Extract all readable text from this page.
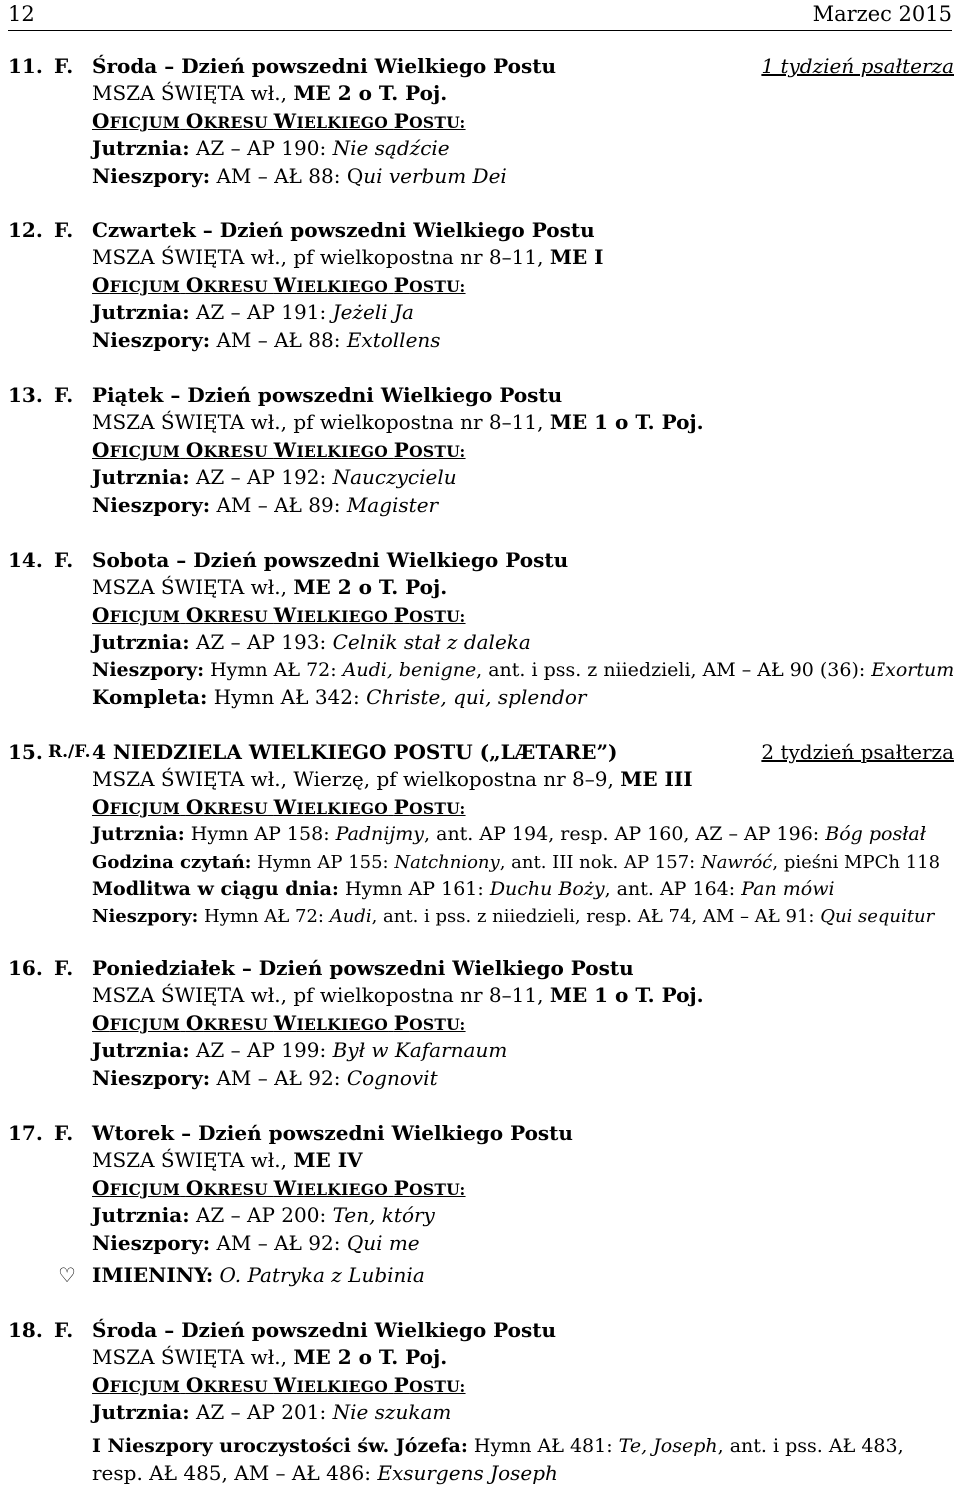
12	Marzec 2015
11. F. Środa – Dzień powszedni Wielkiego Postu	1 tydzień psałterza
MSZA ŚWIĘTA wł., ME 2 o T. Poj.
OFICJUM OKRESU WIELKIEGO POSTU:
Jutrznia: AZ – AP 190: Nie sądźcie
Nieszpory: AM – AŁ 88: Qui verbum Dei
12. F. Czwartek – Dzień powszedni Wielkiego Postu
MSZA ŚWIĘTA wł., pf wielkopostna nr 8–11, ME I
OFICJUM OKRESU WIELKIEGO POSTU:
Jutrznia: AZ – AP 191: Jeżeli Ja
Nieszpory: AM – AŁ 88: Extollens
13. F. Piątek – Dzień powszedni Wielkiego Postu
MSZA ŚWIĘTA wł., pf wielkopostna nr 8–11, ME 1 o T. Poj.
OFICJUM OKRESU WIELKIEGO POSTU:
Jutrznia: AZ – AP 192: Nauczycielu
Nieszpory: AM – AŁ 89: Magister
14. F. Sobota – Dzień powszedni Wielkiego Postu
MSZA ŚWIĘTA wł., ME 2 o T. Poj.
OFICJUM OKRESU WIELKIEGO POSTU:
Jutrznia: AZ – AP 193: Celnik stał z daleka
Nieszpory: Hymn AŁ 72: Audi, benigne, ant. i pss. z niiedzieli, AM – AŁ 90 (36): Exortum
Kompleta: Hymn AŁ 342: Christe, qui, splendor
15. R./F. 4 NIEDZIELA WIELKIEGO POSTU („LÆTARE”)	2 tydzień psałterza
MSZA ŚWIĘTA wł., Wierzę, pf wielkopostna nr 8–9, ME III
OFICJUM OKRESU WIELKIEGO POSTU:
Jutrznia: Hymn AP 158: Padnijmy, ant. AP 194, resp. AP 160, AZ – AP 196: Bóg posłał
Godzina czytań: Hymn AP 155: Natchniony, ant. III nok. AP 157: Nawróć, pieśni MPCh 118
Modlitwa w ciągu dnia: Hymn AP 161: Duchu Boży, ant. AP 164: Pan mówi
Nieszpory: Hymn AŁ 72: Audi, ant. i pss. z niiedzieli, resp. AŁ 74, AM – AŁ 91: Qui sequitur
16. F. Poniedziałek – Dzień powszedni Wielkiego Postu
MSZA ŚWIĘTA wł., pf wielkopostna nr 8–11, ME 1 o T. Poj.
OFICJUM OKRESU WIELKIEGO POSTU:
Jutrznia: AZ – AP 199: Był w Kafarnaum
Nieszpory: AM – AŁ 92: Cognovit
17. F. Wtorek – Dzień powszedni Wielkiego Postu
MSZA ŚWIĘTA wł., ME IV
OFICJUM OKRESU WIELKIEGO POSTU:
Jutrznia: AZ – AP 200: Ten, który
Nieszpory: AM – AŁ 92: Qui me
♡ IMIENINY: O. Patryka z Lubinia
18. F. Środa – Dzień powszedni Wielkiego Postu
MSZA ŚWIĘTA wł., ME 2 o T. Poj.
OFICJUM OKRESU WIELKIEGO POSTU:
Jutrznia: AZ – AP 201: Nie szukam
I Nieszpory uroczystości św. Józefa: Hymn AŁ 481: Te, Joseph, ant. i pss. AŁ 483,
resp. AŁ 485, AM – AŁ 486: Exsurgens Joseph
